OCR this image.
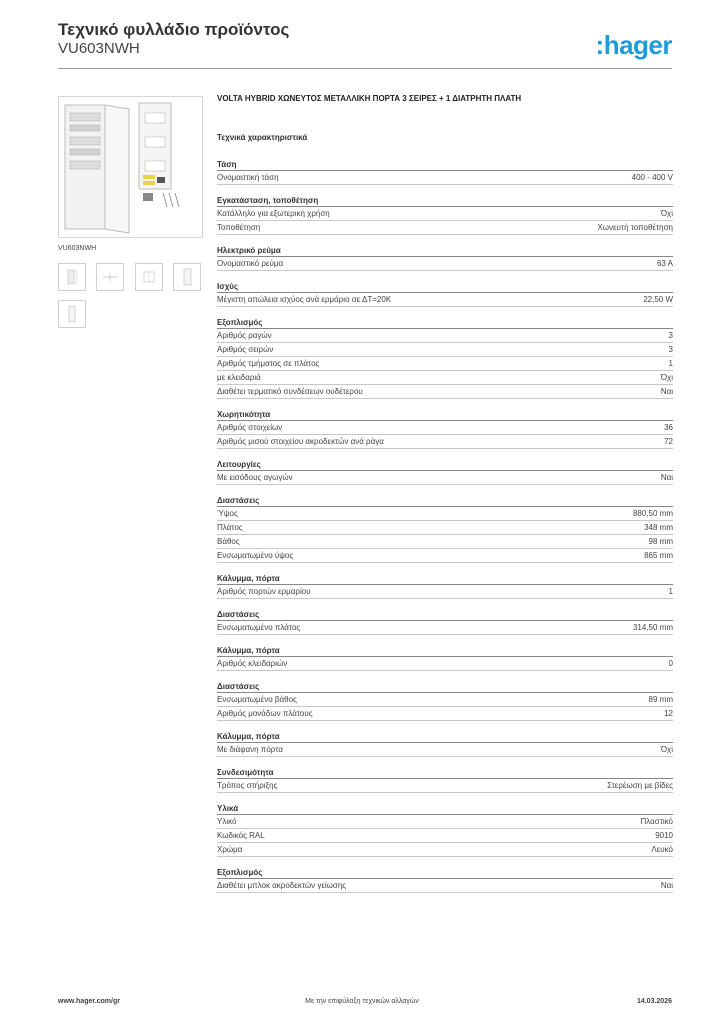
Τεχνικό φυλλάδιο προϊόντος
VU603NWH	:hager
VU603NWH
VOLTA HYBRID ΧΩΝΕΥΤΟΣ ΜΕΤΑΛΛΙΚΗ ΠΟΡΤΑ 3 ΣΕΙΡΕΣ + 1 ΔΙΑΤΡΗΤΗ ΠΛΑΤΗ
Τεχνικά χαρακτηριστικά
Τάση
Ονομαστική τάση	400 - 400 V
Εγκατάσταση, τοποθέτηση
Κατάλληλο για εξωτερική χρήση	Όχι
Τοποθέτηση	Χωνευτή τοποθέτηση
Ηλεκτρικό ρεύμα
Ονομαστικό ρεύμα	63 A
Ισχύς
Μέγιστη απώλεια ισχύος ανά ερμάριο σε ΔT=20K	22,50 W
Εξοπλισμός
Αριθμός ραγών	3
Αριθμός σειρών	3
Αριθμός τμήματος σε πλάτος	1
με κλειδαριά	Όχι
Διαθέτει τερματικό συνδέσεων ουδέτερου	Ναι
Χωρητικότητα
Αριθμός στοιχείων	36
Αριθμός μισού στοιχείου ακροδεκτών ανά ράγα	72
Λειτουργίες
Με εισόδους αγωγών	Ναι
Διαστάσεις
Ύψος	880,50 mm
Πλάτος	348 mm
Βάθος	98 mm
Ενσωματωμένο ύψος	865 mm
Κάλυμμα, πόρτα
Αριθμός πορτών ερμαρίου	1
Διαστάσεις
Ενσωματωμένο πλάτος	314,50 mm
Κάλυμμα, πόρτα
Αριθμός κλειδαριών	0
Διαστάσεις
Ενσωματωμένο βάθος	89 mm
Αριθμός μονάδων πλάτους	12
Κάλυμμα, πόρτα
Με διάφανη πόρτα	Όχι
Συνδεσιμότητα
Τρόπος στήριξης	Στερέωση με βίδες
Υλικά
Υλικό	Πλαστικό
Κωδικός RAL	9010
Χρώμα	Λευκό
Εξοπλισμός
Διαθέτει μπλοκ ακροδεκτών γείωσης	Ναι
www.hager.com/gr	Με την επιφύλαξη τεχνικών αλλαγών	14.03.2026
